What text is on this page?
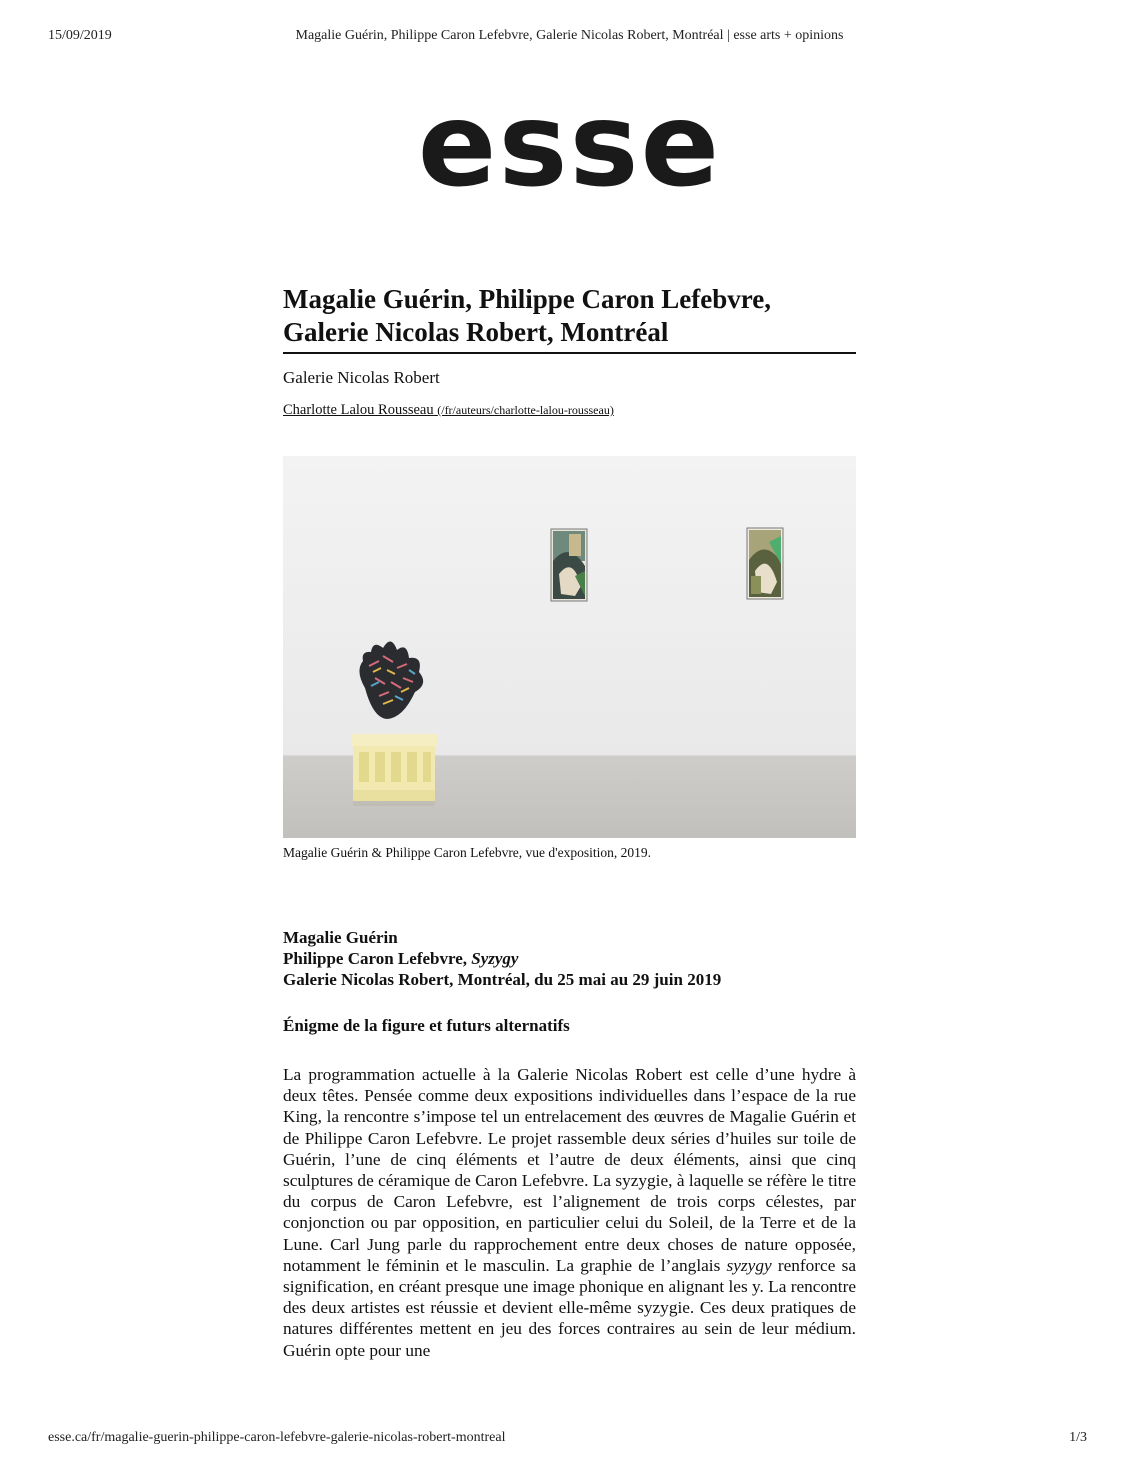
15/09/2019	Magalie Guérin, Philippe Caron Lefebvre, Galerie Nicolas Robert, Montréal | esse arts + opinions
esse
Magalie Guérin, Philippe Caron Lefebvre, Galerie Nicolas Robert, Montréal
Galerie Nicolas Robert
Charlotte Lalou Rousseau (/fr/auteurs/charlotte-lalou-rousseau)
Magalie Guérin & Philippe Caron Lefebvre, vue d'exposition, 2019.
Magalie Guérin
Philippe Caron Lefebvre, Syzygy
Galerie Nicolas Robert, Montréal, du 25 mai au 29 juin 2019
Énigme de la figure et futurs alternatifs

La programmation actuelle à la Galerie Nicolas Robert est celle d’une hydre à deux têtes. Pensée comme deux expositions individuelles dans l’espace de la rue King, la rencontre s’impose tel un entrelacement des œuvres de Magalie Guérin et de Philippe Caron Lefebvre. Le projet rassemble deux séries d’huiles sur toile de Guérin, l’une de cinq éléments et l’autre de deux éléments, ainsi que cinq sculptures de céramique de Caron Lefebvre. La syzygie, à laquelle se réfère le titre du corpus de Caron Lefebvre, est l’alignement de trois corps célestes, par conjonction ou par opposition, en particulier celui du Soleil, de la Terre et de la Lune. Carl Jung parle du rapprochement entre deux choses de nature opposée, notamment le féminin et le masculin. La graphie de l’anglais syzygy renforce sa signification, en créant presque une image phonique en alignant les y. La rencontre des deux artistes est réussie et devient elle-même syzygie. Ces deux pratiques de natures différentes mettent en jeu des forces contraires au sein de leur médium. Guérin opte pour une

esse.ca/fr/magalie-guerin-philippe-caron-lefebvre-galerie-nicolas-robert-montreal	1/3
